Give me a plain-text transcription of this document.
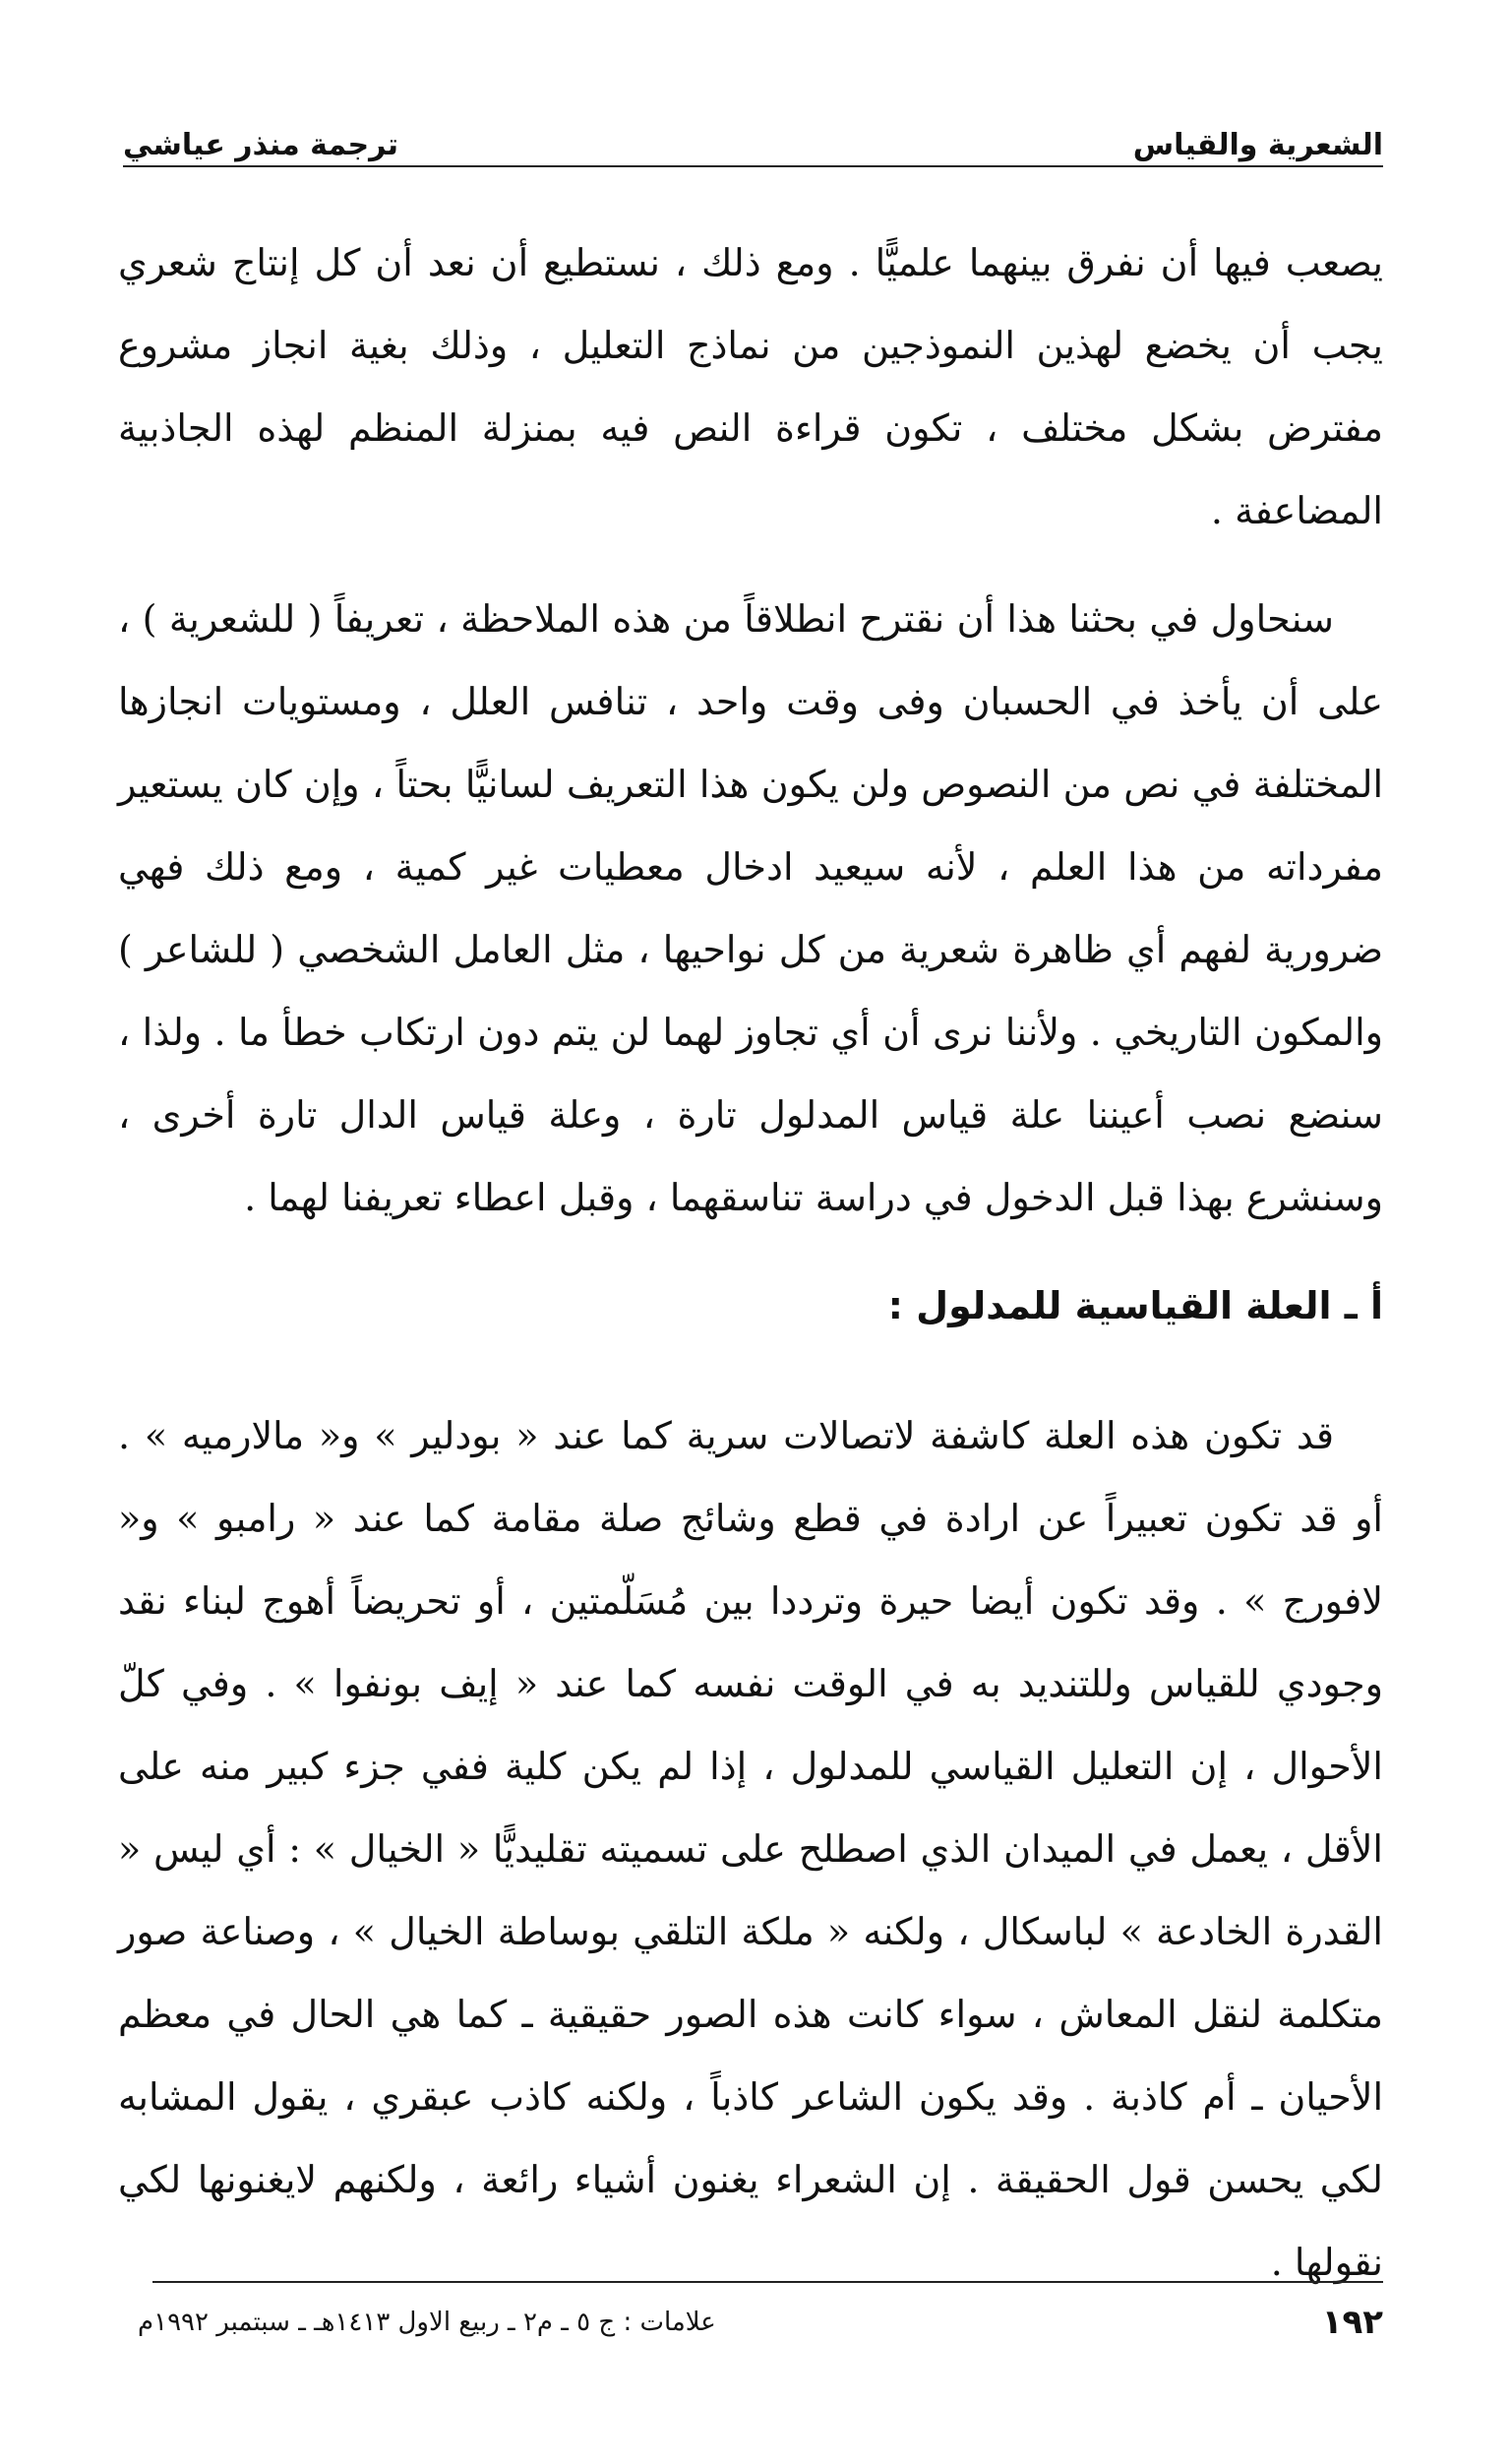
الشعرية والقياس
ترجمة منذر عياشي

يصعب فيها أن نفرق بينهما علميًّا . ومع ذلك ، نستطيع أن نعد أن كل إنتاج شعري يجب أن يخضع لهذين النموذجين من نماذج التعليل ، وذلك بغية انجاز مشروع مفترض بشكل مختلف ، تكون قراءة النص فيه بمنزلة المنظم لهذه الجاذبية المضاعفة .

سنحاول في بحثنا هذا أن نقترح انطلاقاً من هذه الملاحظة ، تعريفاً ( للشعرية ) ، على أن يأخذ في الحسبان وفى وقت واحد ، تنافس العلل ، ومستويات انجازها المختلفة في نص من النصوص ولن يكون هذا التعريف لسانيًّا بحتاً ، وإن كان يستعير مفرداته من هذا العلم ، لأنه سيعيد ادخال معطيات غير كمية ، ومع ذلك فهي ضرورية لفهم أي ظاهرة شعرية من كل نواحيها ، مثل العامل الشخصي ( للشاعر ) والمكون التاريخي . ولأننا نرى أن أي تجاوز لهما لن يتم دون ارتكاب خطأ ما . ولذا ، سنضع نصب أعيننا علة قياس المدلول تارة ، وعلة قياس الدال تارة أخرى ، وسنشرع بهذا قبل الدخول في دراسة تناسقهما ، وقبل اعطاء تعريفنا لهما .

أ ـ العلة القياسية للمدلول :

قد تكون هذه العلة كاشفة لاتصالات سرية كما عند « بودلير » و« مالارميه » . أو قد تكون تعبيراً عن ارادة في قطع وشائج صلة مقامة كما عند « رامبو » و« لافورج » . وقد تكون أيضا حيرة وترددا بين مُسَلّمتين ، أو تحريضاً أهوج لبناء نقد وجودي للقياس وللتنديد به في الوقت نفسه كما عند « إيف بونفوا » . وفي كلّ الأحوال ، إن التعليل القياسي للمدلول ، إذا لم يكن كلية ففي جزء كبير منه على الأقل ، يعمل في الميدان الذي اصطلح على تسميته تقليديًّا « الخيال » : أي ليس « القدرة الخادعة » لباسكال ، ولكنه « ملكة التلقي بوساطة الخيال » ، وصناعة صور متكلمة لنقل المعاش ، سواء كانت هذه الصور حقيقية ـ كما هي الحال في معظم الأحيان ـ أم كاذبة . وقد يكون الشاعر كاذباً ، ولكنه كاذب عبقري ، يقول المشابه لكي يحسن قول الحقيقة . إن الشعراء يغنون أشياء رائعة ، ولكنهم لايغنونها لكي نقولها .

١٩٢
علامات : ج ٥ ـ م٢ ـ ربيع الاول ١٤١٣هـ ـ سبتمبر ١٩٩٢م
